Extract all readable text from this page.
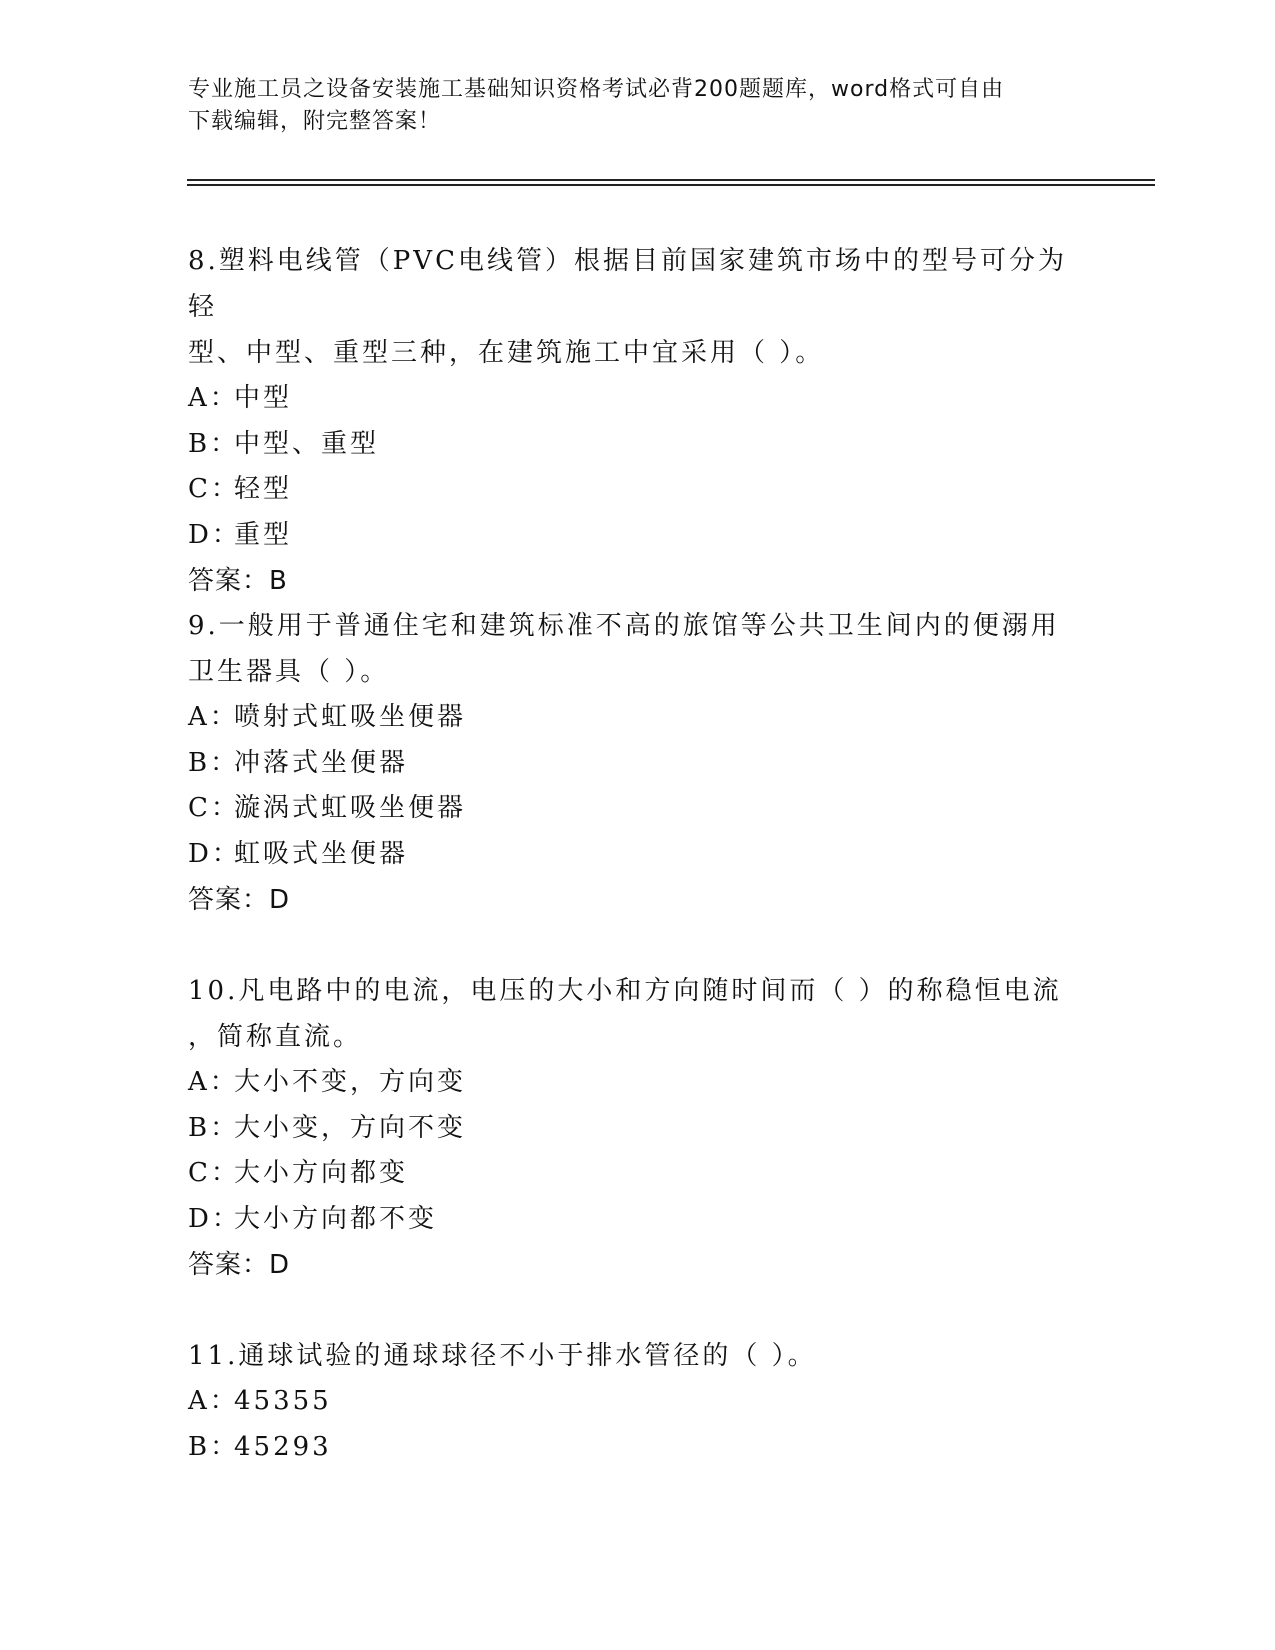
专业施工员之设备安装施工基础知识资格考试必背200题题库，word格式可自由
下载编辑，附完整答案！
8.塑料电线管（PVC电线管）根据目前国家建筑市场中的型号可分为轻
型、中型、重型三种，在建筑施工中宜采用（ ）。
A：中型
B：中型、重型
C：轻型
D：重型
答案：B
9.一般用于普通住宅和建筑标准不高的旅馆等公共卫生间内的便溺用
卫生器具（ ）。
A：喷射式虹吸坐便器
B：冲落式坐便器
C：漩涡式虹吸坐便器
D：虹吸式坐便器
答案：D
10.凡电路中的电流，电压的大小和方向随时间而（ ）的称稳恒电流
，简称直流。
A：大小不变，方向变
B：大小变，方向不变
C：大小方向都变
D：大小方向都不变
答案：D
11.通球试验的通球球径不小于排水管径的（ ）。
A：45355
B：45293
